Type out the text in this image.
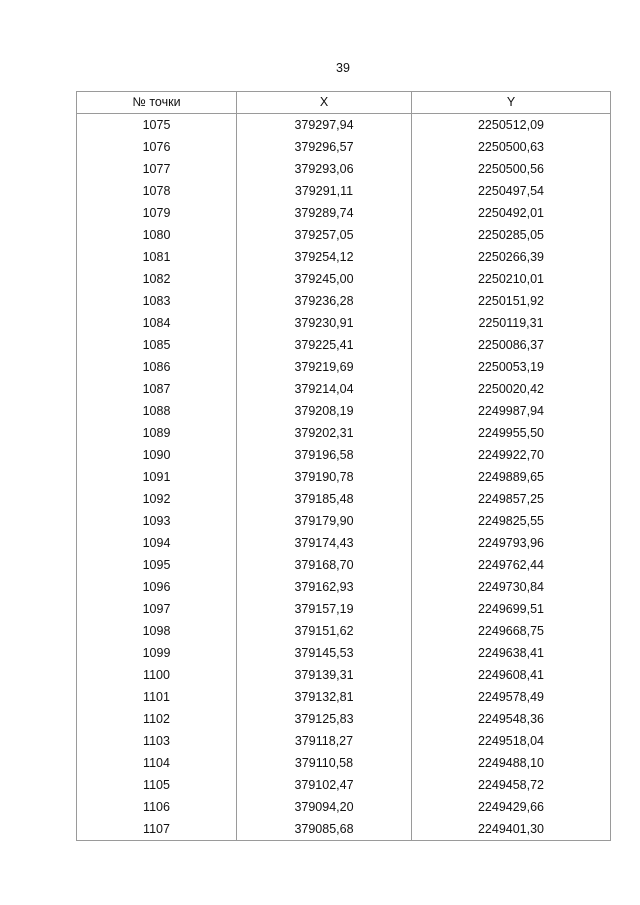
39
№ точки	X	Y
1075	379297,94	2250512,09
1076	379296,57	2250500,63
1077	379293,06	2250500,56
1078	379291,11	2250497,54
1079	379289,74	2250492,01
1080	379257,05	2250285,05
1081	379254,12	2250266,39
1082	379245,00	2250210,01
1083	379236,28	2250151,92
1084	379230,91	2250119,31
1085	379225,41	2250086,37
1086	379219,69	2250053,19
1087	379214,04	2250020,42
1088	379208,19	2249987,94
1089	379202,31	2249955,50
1090	379196,58	2249922,70
1091	379190,78	2249889,65
1092	379185,48	2249857,25
1093	379179,90	2249825,55
1094	379174,43	2249793,96
1095	379168,70	2249762,44
1096	379162,93	2249730,84
1097	379157,19	2249699,51
1098	379151,62	2249668,75
1099	379145,53	2249638,41
1100	379139,31	2249608,41
1101	379132,81	2249578,49
1102	379125,83	2249548,36
1103	379118,27	2249518,04
1104	379110,58	2249488,10
1105	379102,47	2249458,72
1106	379094,20	2249429,66
1107	379085,68	2249401,30
